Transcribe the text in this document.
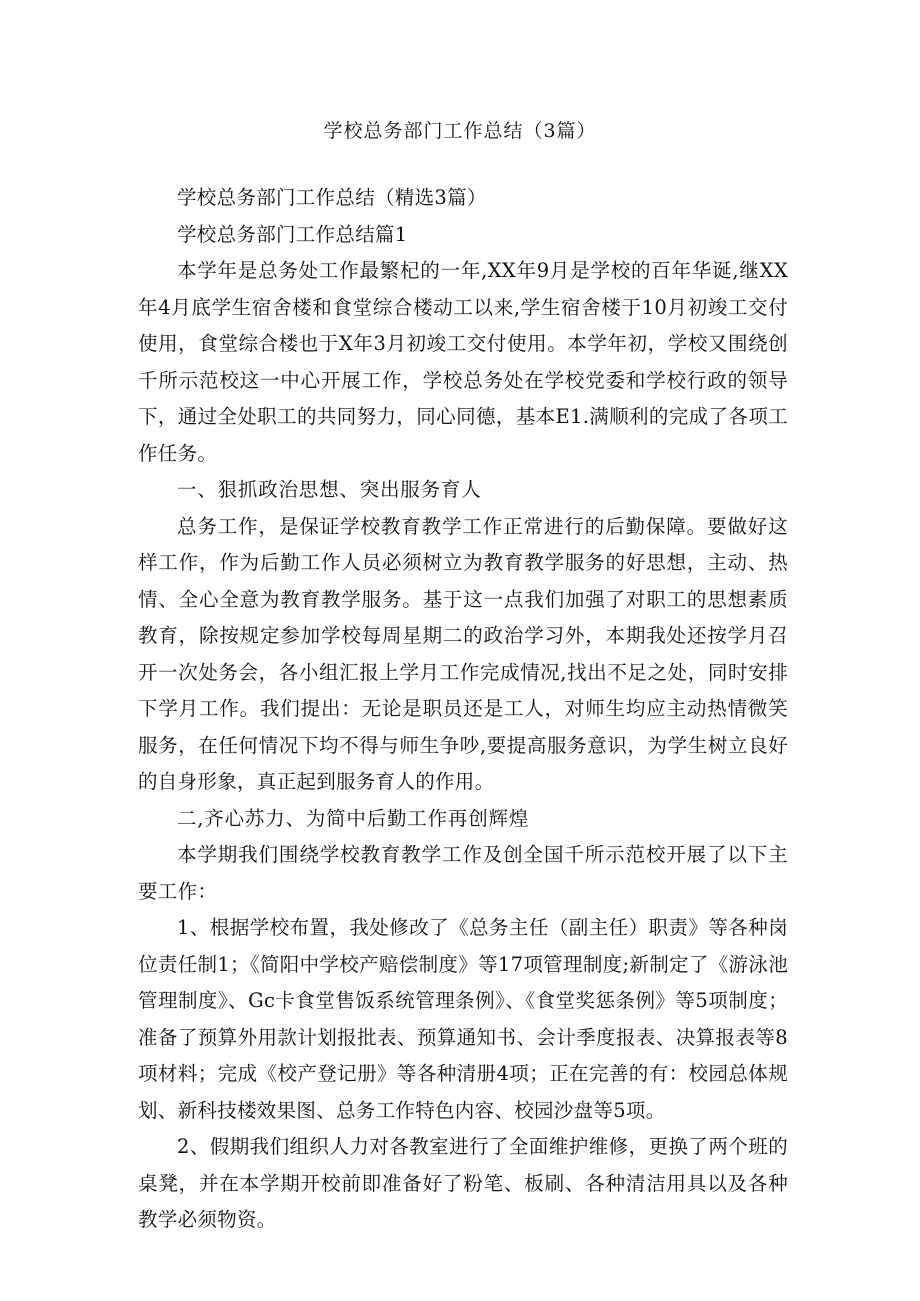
学校总务部门工作总结（3篇）

学校总务部门工作总结（精选3篇）

学校总务部门工作总结篇1

本学年是总务处工作最繁杞的一年,XX年9月是学校的百年华诞,继XX年4月底学生宿舍楼和食堂综合楼动工以来,学生宿舍楼于10月初竣工交付使用，食堂综合楼也于X年3月初竣工交付使用。本学年初，学校又围绕创千所示范校这一中心开展工作，学校总务处在学校党委和学校行政的领导下，通过全处职工的共同努力，同心同德，基本E1.满顺利的完成了各项工作任务。

一、狠抓政治思想、突出服务育人

总务工作，是保证学校教育教学工作正常进行的后勤保障。要做好这样工作，作为后勤工作人员必须树立为教育教学服务的好思想，主动、热情、全心全意为教育教学服务。基于这一点我们加强了对职工的思想素质教育，除按规定参加学校每周星期二的政治学习外，本期我处还按学月召开一次处务会，各小组汇报上学月工作完成情况,找出不足之处，同时安排下学月工作。我们提出：无论是职员还是工人，对师生均应主动热情微笑服务，在任何情况下均不得与师生争吵,要提高服务意识，为学生树立良好的自身形象，真正起到服务育人的作用。

二,齐心苏力、为简中后勤工作再创辉煌

本学期我们围绕学校教育教学工作及创全国千所示范校开展了以下主要工作：

1、根据学校布置，我处修改了《总务主任（副主任）职责》等各种岗位责任制1；《简阳中学校产赔偿制度》等17项管理制度;新制定了《游泳池管理制度》、Gc卡食堂售饭系统管理条例》、《食堂奖惩条例》等5项制度；准备了预算外用款计划报批表、预算通知书、会计季度报表、决算报表等8项材料；完成《校产登记册》等各种清册4项；正在完善的有：校园总体规划、新科技楼效果图、总务工作特色内容、校园沙盘等5项。

2、假期我们组织人力对各教室进行了全面维护维修，更换了两个班的桌凳，并在本学期开校前即准备好了粉笔、板刷、各种清洁用具以及各种教学必须物资。
